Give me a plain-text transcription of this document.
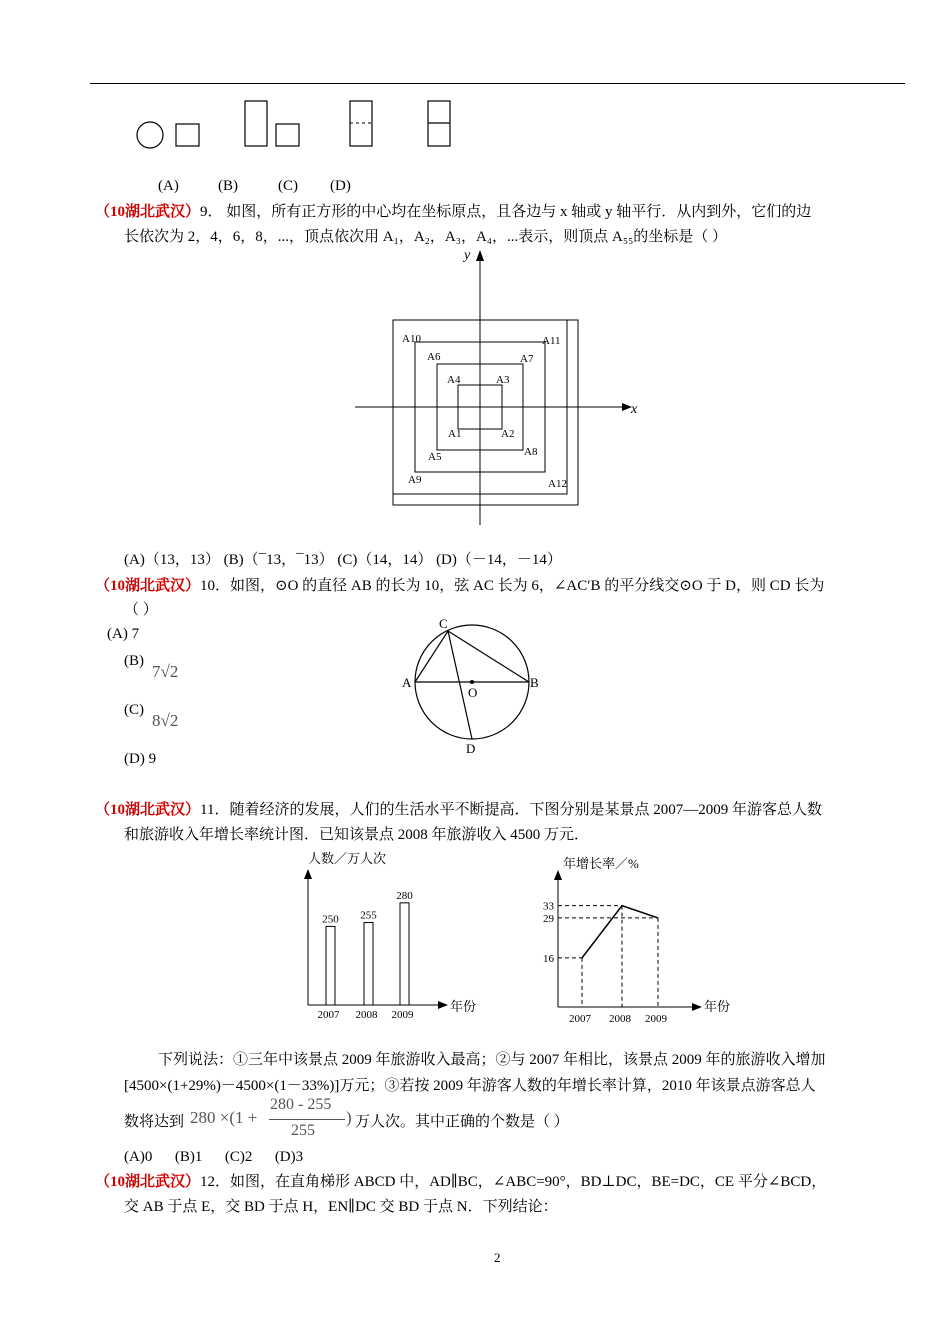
(A)	(B)	(C) (D)
（10湖北武汉）9． 如图，所有正方形的中心均在坐标原点，且各边与 x 轴或 y 轴平行．从内到外，它们的边
长依次为 2，4，6，8，...，顶点依次用 A₁，A₂，A₃，A₄，...表示，则顶点 A₅₅的坐标是（ ）
x
y
A10	A11
A6	A7
A4	A3
A1	A2
A5	A8
A9	A12
(A)（13，13） (B)（¯13，¯13） (C)（14，14） (D)（－14，－14）
（10湖北武汉）10．如图，⊙O 的直径 AB 的长为 10，弦 AC 长为 6，∠AC′B 的平分线交⊙O 于 D，则 CD 长为
（ ）
(A) 7
(B)
7√2
(C)
8√2
(D) 9
C
A
O
B
D
（10湖北武汉）11．随着经济的发展，人们的生活水平不断提高．下图分别是某景点 2007—2009 年游客总人数
和旅游收入年增长率统计图．已知该景点 2008 年旅游收入 4500 万元．
人数／万人次
年份
250
2007
255
2008
280
2009
年增长率／%
年份
2007
16
2008
33
2009
29
下列说法：①三年中该景点 2009 年旅游收入最高；②与 2007 年相比，该景点 2009 年的旅游收入增加
[4500×(1+29%)－4500×(1－33%)]万元；③若按 2009 年游客人数的年增长率计算，2010 年该景点游客总人
数将达到 280 ×(1 +
280 - 255
255
) 万人次。其中正确的个数是（ ）
(A)0      (B)1      (C)2      (D)3
（10湖北武汉）12．如图，在直角梯形 ABCD 中，AD∥BC，∠ABC=90°，BD⊥DC，BE=DC，CE 平分∠BCD，
交 AB 于点 E，交 BD 于点 H，EN∥DC 交 BD 于点 N．下列结论：
2
